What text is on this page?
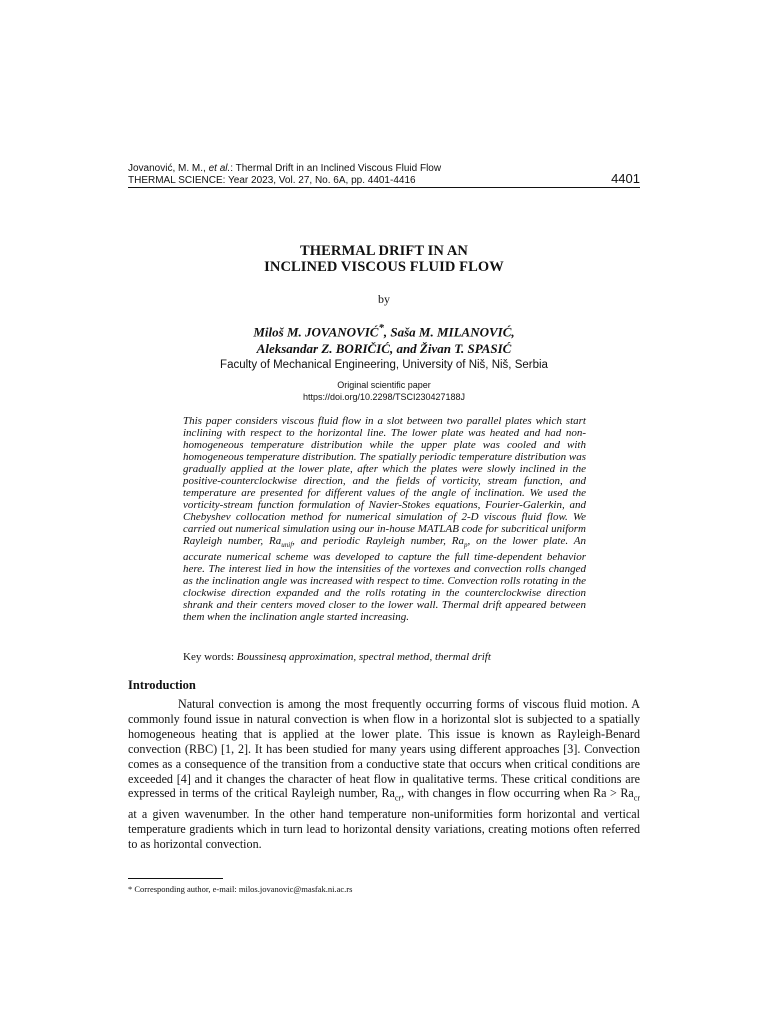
Jovanović, M. M., et al.: Thermal Drift in an Inclined Viscous Fluid Flow
THERMAL SCIENCE: Year 2023, Vol. 27, No. 6A, pp. 4401-4416	4401
THERMAL DRIFT IN AN
INCLINED VISCOUS FLUID FLOW
by
Miloš M. JOVANOVIĆ*, Saša M. MILANOVIĆ,
Aleksandar Z. BORIČIĆ, and Živan T. SPASIĆ
Faculty of Mechanical Engineering, University of Niš, Niš, Serbia
Original scientific paper
https://doi.org/10.2298/TSCI230427188J

This paper considers viscous fluid flow in a slot between two parallel plates which start inclining with respect to the horizontal line. The lower plate was heated and had non-homogeneous temperature distribution while the upper plate was cooled and with homogeneous temperature distribution. The spatially periodic temperature distribution was gradually applied at the lower plate, after which the plates were slowly inclined in the positive-counterclockwise direction, and the fields of vorticity, stream function, and temperature are presented for different values of the angle of inclination. We used the vorticity-stream function formulation of Navier-Stokes equations, Fourier-Galerkin, and Chebyshev collocation method for numerical simulation of 2-D viscous fluid flow. We carried out numerical simulation using our in-house MATLAB code for subcritical uniform Rayleigh number, $Ra_{unif}$, and periodic Rayleigh number, $Ra_p$, on the lower plate. An accurate numerical scheme was developed to capture the full time-dependent behavior here. The interest lied in how the intensities of the vortexes and convection rolls changed as the inclination angle was increased with respect to time. Convection rolls rotating in the clockwise direction expanded and the rolls rotating in the counterclockwise direction shrank and their centers moved closer to the lower wall. Thermal drift appeared between them when the inclination angle started increasing.

Key words: Boussinesq approximation, spectral method, thermal drift
Introduction

Natural convection is among the most frequently occurring forms of viscous fluid motion. A commonly found issue in natural convection is when flow in a horizontal slot is subjected to a spatially homogeneous heating that is applied at the lower plate. This issue is known as Rayleigh-Benard convection (RBC) [1, 2]. It has been studied for many years using different approaches [3]. Convection comes as a consequence of the transition from a conductive state that occurs when critical conditions are exceeded [4] and it changes the character of heat flow in qualitative terms. These critical conditions are expressed in terms of the critical Rayleigh number, $Ra_{cr}$, with changes in flow occurring when $Ra > Ra_{cr}$ at a given wavenumber. In the other hand temperature non-uniformities form horizontal and vertical temperature gradients which in turn lead to horizontal density variations, creating motions often referred to as horizontal convection.

* Corresponding author, e-mail: milos.jovanovic@masfak.ni.ac.rs
